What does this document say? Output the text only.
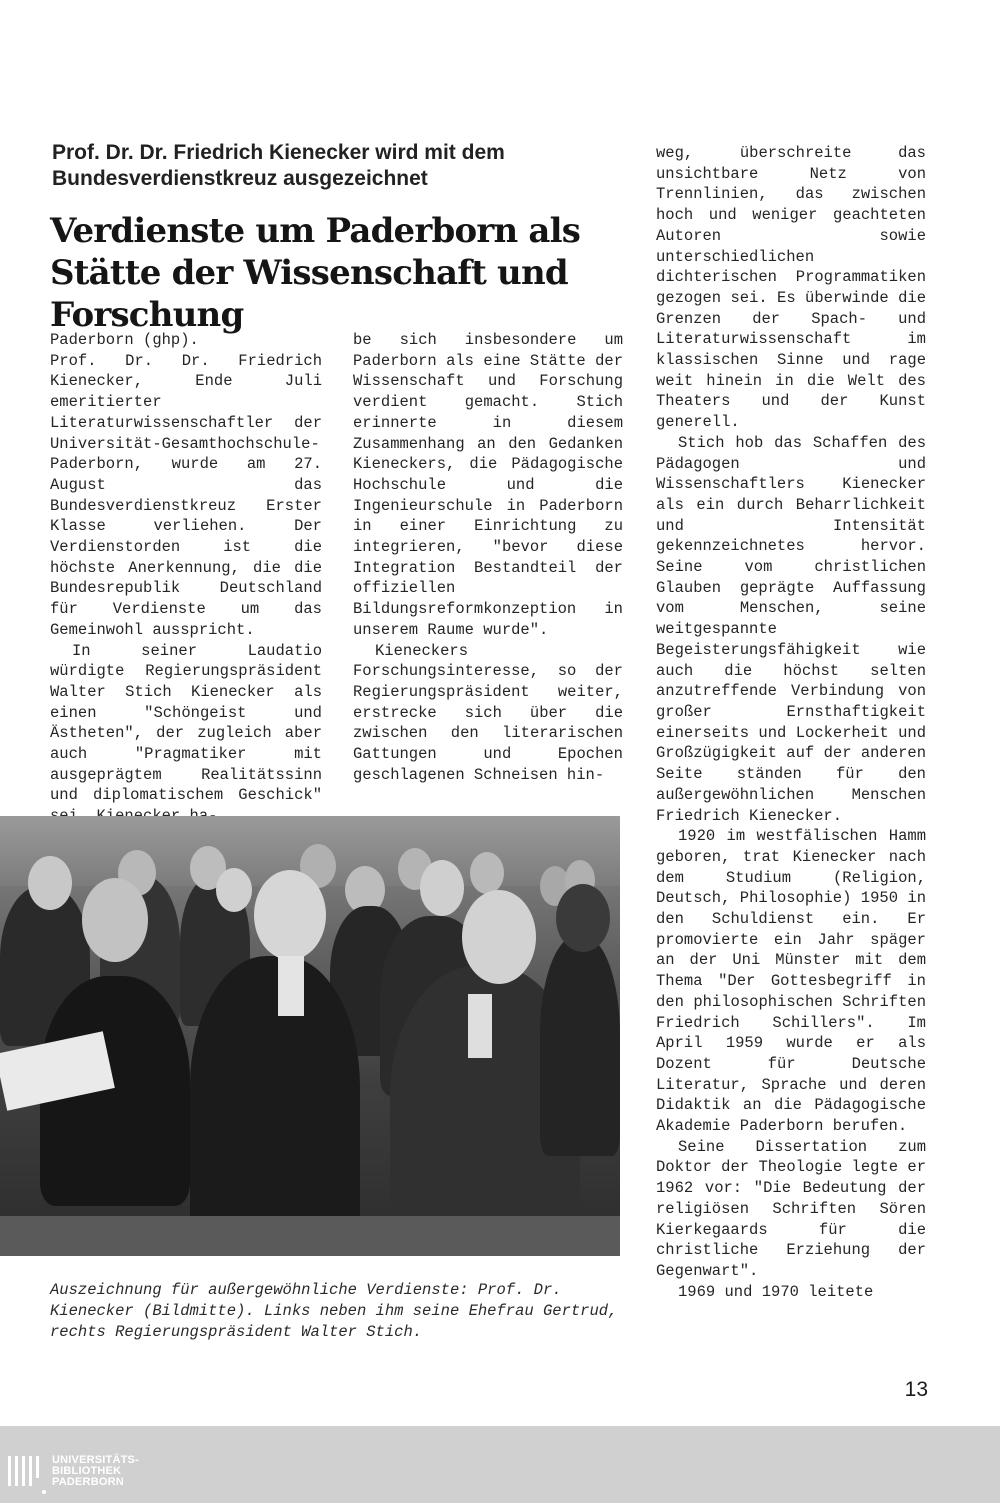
Prof. Dr. Dr. Friedrich Kienecker wird mit dem Bundesverdienstkreuz ausgezeichnet
Verdienste um Paderborn als Stätte der Wissenschaft und Forschung

Paderborn (ghp).

Prof. Dr. Dr. Friedrich Kienecker, Ende Juli emeritierter Literaturwissenschaftler der Universität-Gesamthochschule-Paderborn, wurde am 27. August das Bundesverdienstkreuz Erster Klasse verliehen. Der Verdienstorden ist die höchste Anerkennung, die die Bundesrepublik Deutschland für Verdienste um das Gemeinwohl ausspricht.

In seiner Laudatio würdigte Regierungspräsident Walter Stich Kienecker als einen "Schöngeist und Ästheten", der zugleich aber auch "Pragmatiker mit ausgeprägtem Realitätssinn und diplomatischem Geschick"

be sich insbesondere um Paderborn als eine Stätte der Wissenschaft und Forschung verdient gemacht. Stich erinnerte in diesem Zusammenhang an den Gedanken Kieneckers, die Pädagogische Hochschule und die Ingenieurschule in Paderborn in einer Einrichtung zu integrieren, "bevor diese Integration Bestandteil der offiziellen Bildungsreformkonzeption in unserem Raume wurde".

Kieneckers Forschungsinteresse, so der Regierungspräsident weiter, erstrecke sich über die zwischen den literarischen Gattungen und Epochen geschlagenen Schneisen hin-

weg, überschreite das unsichtbare Netz von Trennlinien, das zwischen hoch und weniger geachteten Autoren sowie unterschiedlichen dichterischen Programmatiken gezogen sei. Es überwinde die Grenzen der Spach- und Literaturwissenschaft im klassischen Sinne und rage weit hinein in die Welt des Theaters und der Kunst generell.

Stich hob das Schaffen des Pädagogen und Wissenschaftlers Kienecker als ein durch Beharrlichkeit und Intensität gekennzeichnetes hervor. Seine vom christlichen Glauben geprägte Auffassung vom Menschen, seine weitgespannte Begeisterungsfähigkeit wie auch die höchst selten anzutreffende Verbindung von großer Ernsthaftigkeit einerseits und Lockerheit und Großzügigkeit auf der anderen Seite ständen für den außergewöhnlichen Menschen Friedrich Kienecker.

1920 im westfälischen Hamm geboren, trat Kienecker nach dem Studium (Religion, Deutsch, Philosophie) 1950 in den Schuldienst ein. Er promovierte ein Jahr späger an der Uni Münster mit dem Thema "Der Gottesbegriff in den philosophischen Schriften Friedrich Schillers". Im April 1959 wurde er als Dozent für Deutsche Literatur, Sprache und deren Didaktik an die Pädagogische Akademie Paderborn berufen.

Seine Dissertation zum Doktor der Theologie legte er 1962 vor: "Die Bedeutung der religiösen Schriften Sören Kierkegaards für die christliche Erziehung der Gegenwart".

1969 und 1970 leitete

Auszeichnung für außergewöhnliche Verdienste: Prof. Dr. Kienecker (Bildmitte). Links neben ihm seine Ehefrau Gertrud, rechts Regierungspräsident Walter Stich.

13
UNIVERSITÄTS-
BIBLIOTHEK
PADERBORN
